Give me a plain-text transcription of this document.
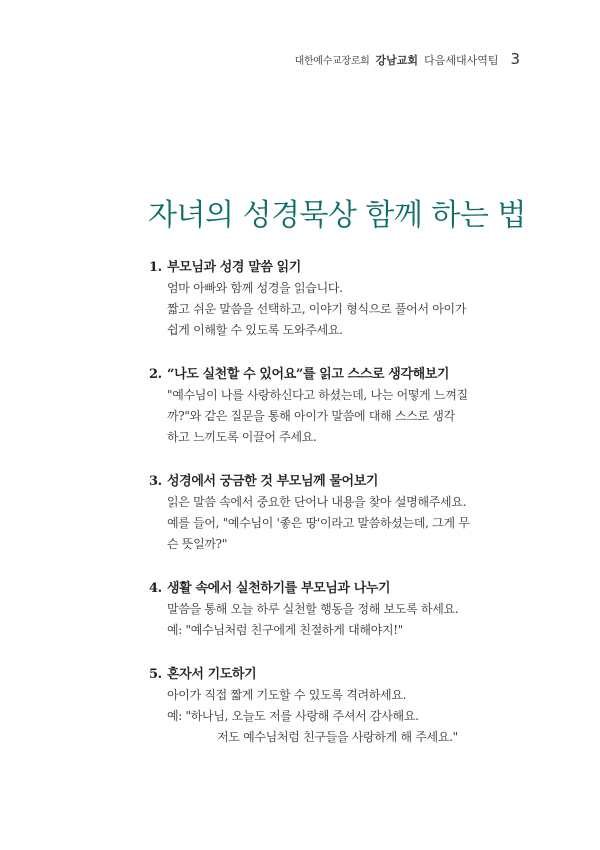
대한예수교장로회 강남교회 다음세대사역팀 3
자녀의 성경묵상 함께 하는 법
1. 부모님과 성경 말씀 읽기
엄마 아빠와 함께 성경을 읽습니다.
짧고 쉬운 말씀을 선택하고, 이야기 형식으로 풀어서 아이가
쉽게 이해할 수 있도록 도와주세요.
2. “나도 실천할 수 있어요”를 읽고 스스로 생각해보기
"예수님이 나를 사랑하신다고 하셨는데, 나는 어떻게 느껴질
까?"와 같은 질문을 통해 아이가 말씀에 대해 스스로 생각
하고 느끼도록 이끌어 주세요.
3. 성경에서 궁금한 것 부모님께 물어보기
읽은 말씀 속에서 중요한 단어나 내용을 찾아 설명해주세요.
예를 들어, "예수님이 '좋은 땅'이라고 말씀하셨는데, 그게 무
슨 뜻일까?"
4. 생활 속에서 실천하기를 부모님과 나누기
말씀을 통해 오늘 하루 실천할 행동을 정해 보도록 하세요.
예: "예수님처럼 친구에게 친절하게 대해야지!"
5. 혼자서 기도하기
아이가 직접 짧게 기도할 수 있도록 격려하세요.
예: "하나님, 오늘도 저를 사랑해 주셔서 감사해요.
저도 예수님처럼 친구들을 사랑하게 해 주세요."
